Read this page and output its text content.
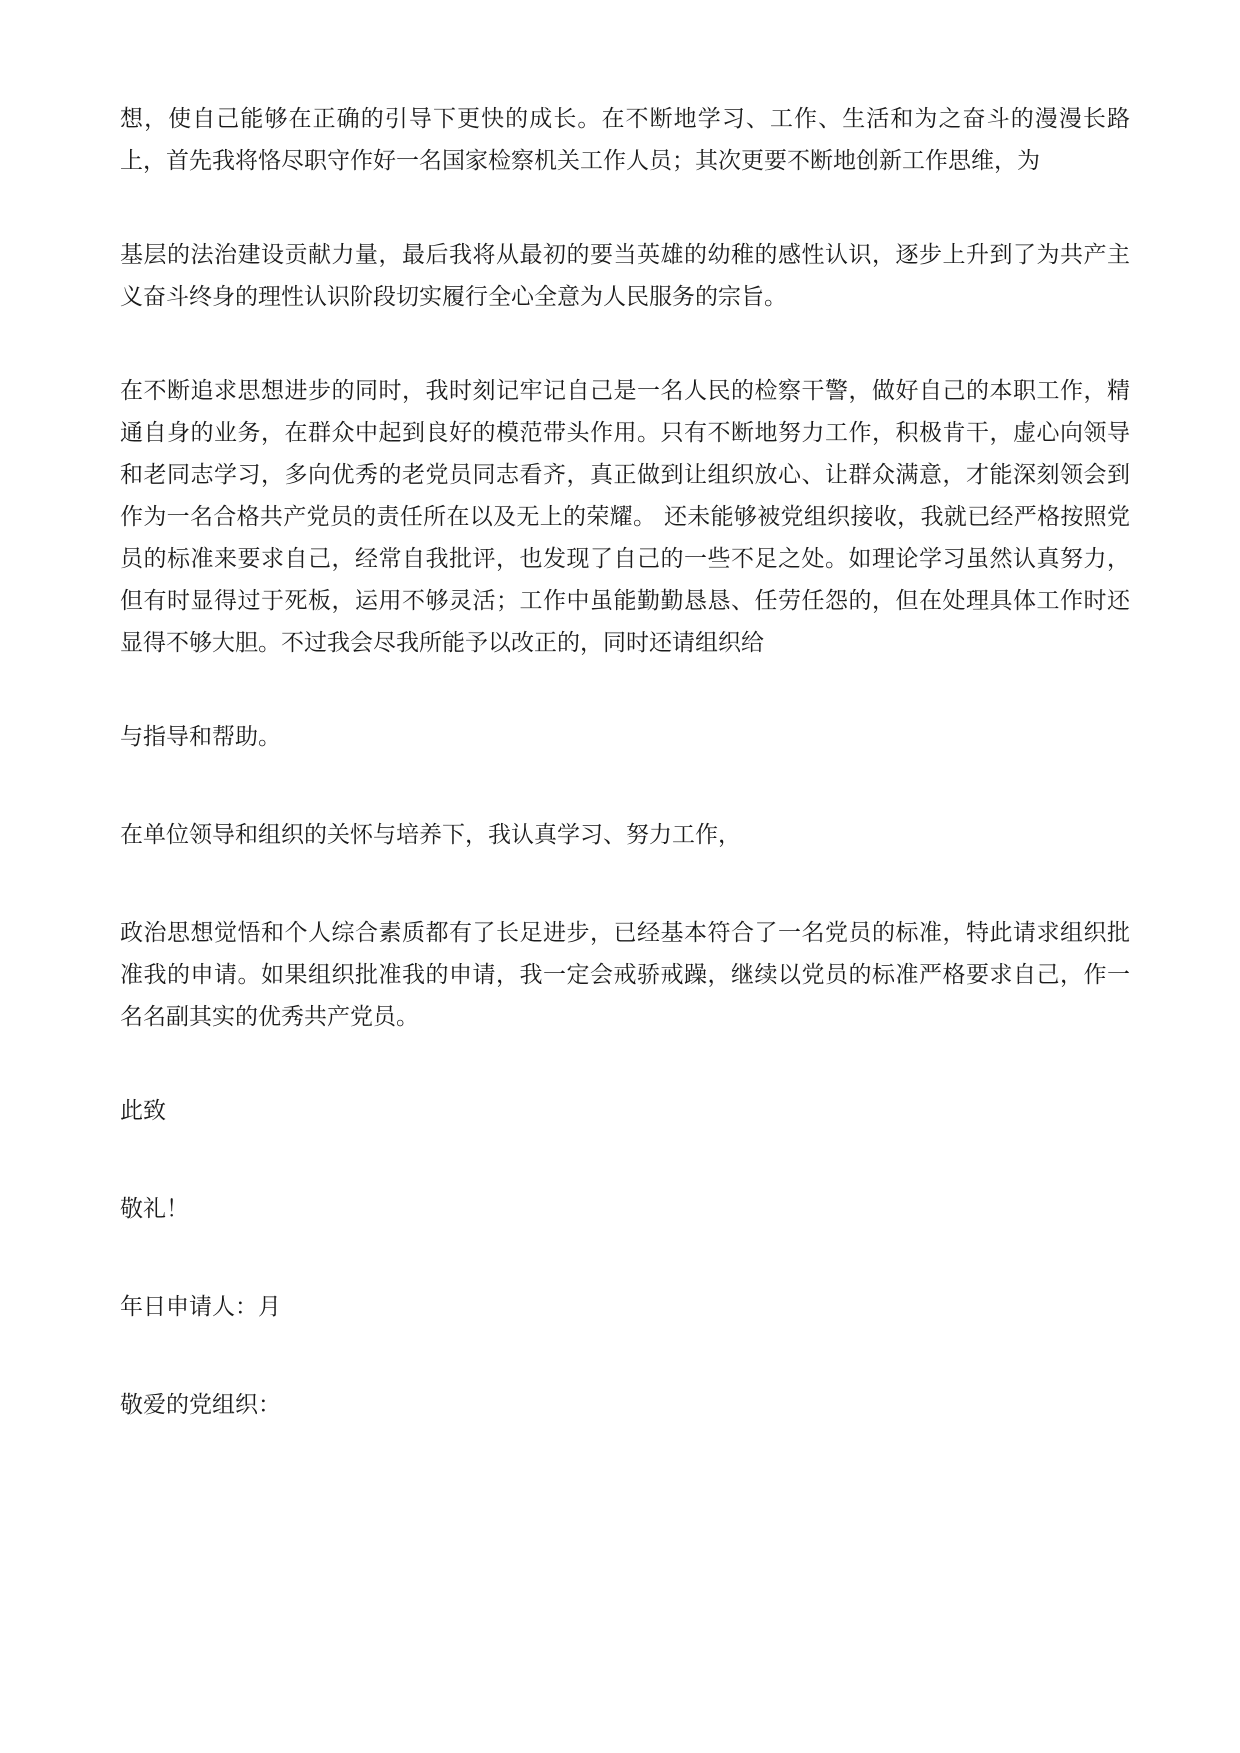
想，使自己能够在正确的引导下更快的成长。在不断地学习、工作、生活和为之奋斗的漫漫长路上，首先我将恪尽职守作好一名国家检察机关工作人员；其次更要不断地创新工作思维，为

基层的法治建设贡献力量，最后我将从最初的要当英雄的幼稚的感性认识，逐步上升到了为共产主义奋斗终身的理性认识阶段切实履行全心全意为人民服务的宗旨。

在不断追求思想进步的同时，我时刻记牢记自己是一名人民的检察干警，做好自己的本职工作，精通自身的业务，在群众中起到良好的模范带头作用。只有不断地努力工作，积极肯干，虚心向领导和老同志学习，多向优秀的老党员同志看齐，真正做到让组织放心、让群众满意，才能深刻领会到作为一名合格共产党员的责任所在以及无上的荣耀。 还未能够被党组织接收，我就已经严格按照党员的标准来要求自己，经常自我批评，也发现了自己的一些不足之处。如理论学习虽然认真努力，但有时显得过于死板，运用不够灵活；工作中虽能勤勤恳恳、任劳任怨的，但在处理具体工作时还显得不够大胆。不过我会尽我所能予以改正的，同时还请组织给

与指导和帮助。

在单位领导和组织的关怀与培养下，我认真学习、努力工作，

政治思想觉悟和个人综合素质都有了长足进步，已经基本符合了一名党员的标准，特此请求组织批准我的申请。如果组织批准我的申请，我一定会戒骄戒躁，继续以党员的标准严格要求自己，作一名名副其实的优秀共产党员。

此致

敬礼！

年日申请人：月

敬爱的党组织：
